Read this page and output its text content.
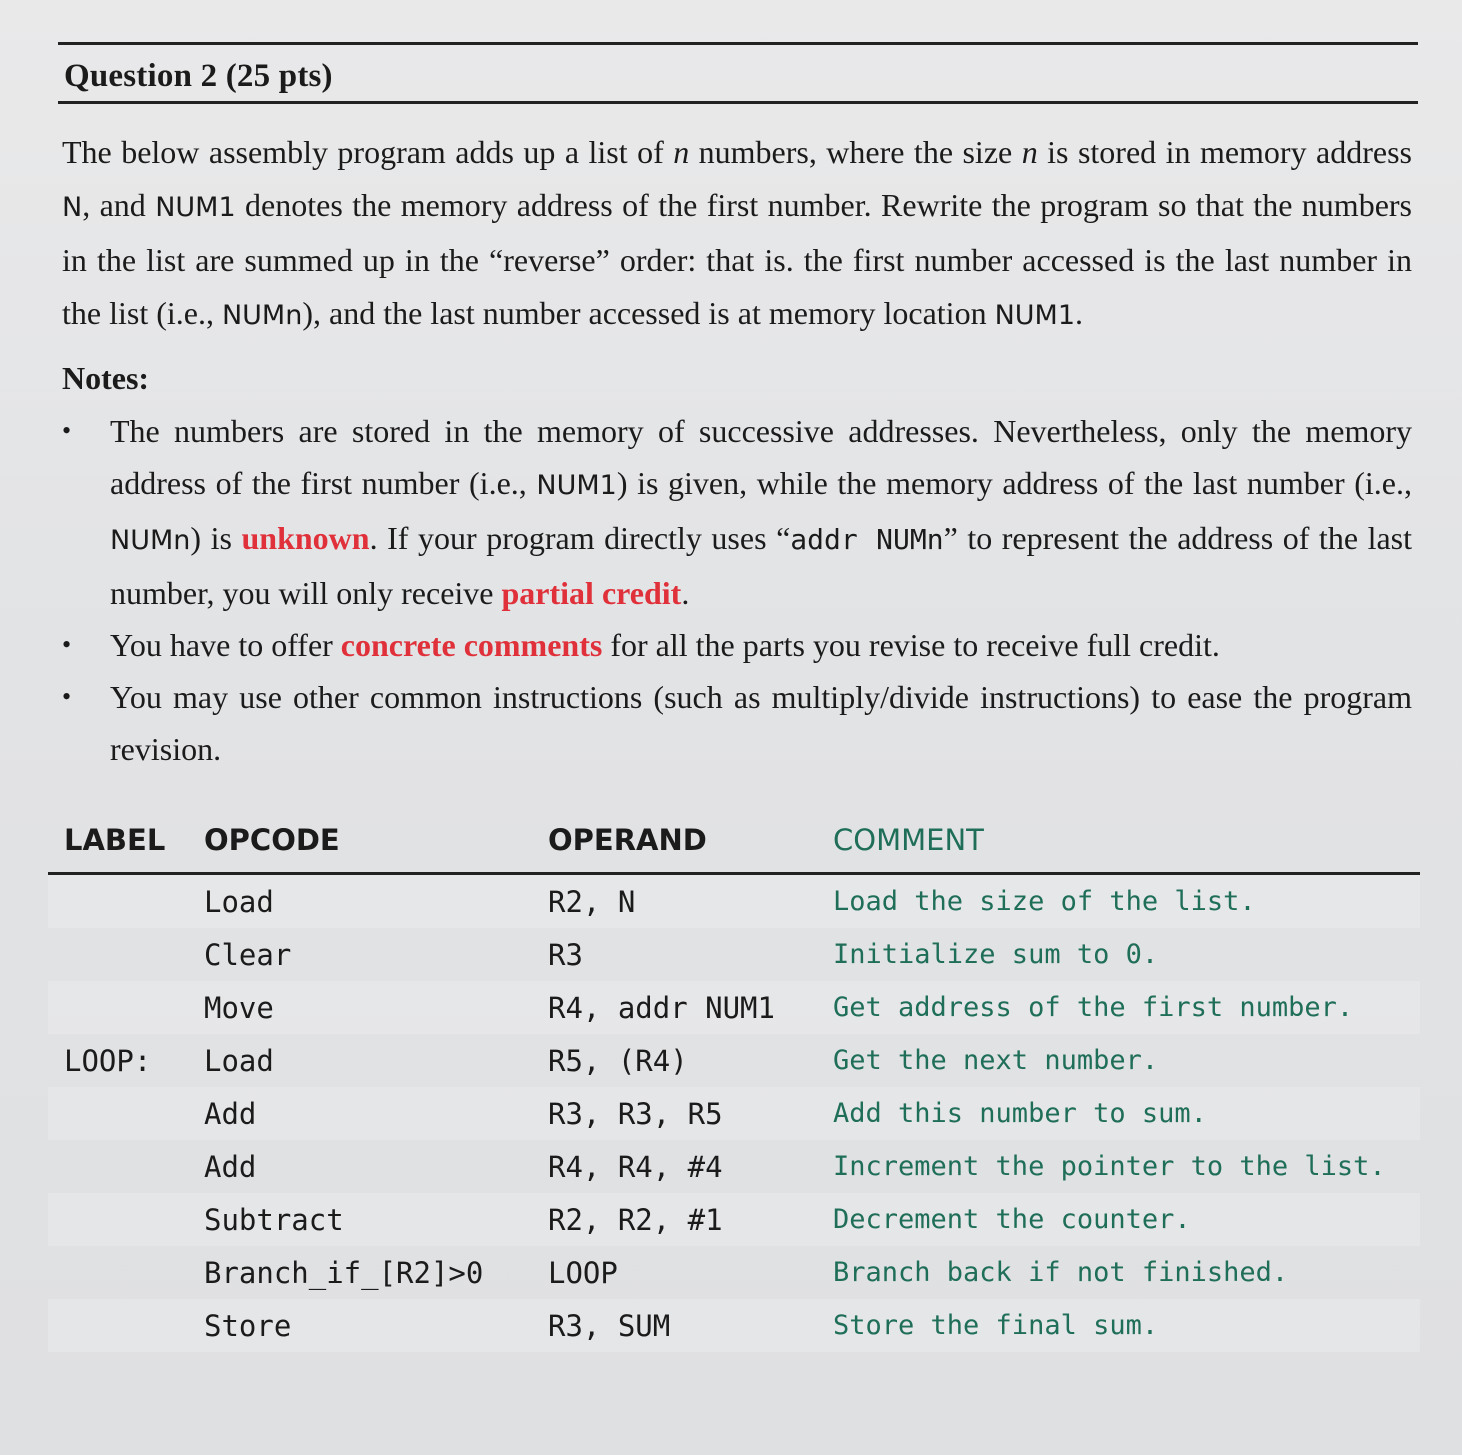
Question 2 (25 pts)
The below assembly program adds up a list of n numbers, where the size n is stored in memory address N, and NUM1 denotes the memory address of the first number. Rewrite the program so that the numbers in the list are summed up in the “reverse” order: that is. the first number accessed is the last number in the list (i.e., NUMn), and the last number accessed is at memory location NUM1.
Notes:
• The numbers are stored in the memory of successive addresses. Nevertheless, only the memory address of the first number (i.e., NUM1) is given, while the memory address of the last number (i.e., NUMn) is unknown. If your program directly uses “addr NUMn” to represent the address of the last number, you will only receive partial credit.
• You have to offer concrete comments for all the parts you revise to receive full credit.
• You may use other common instructions (such as multiply/divide instructions) to ease the program revision.
LABEL	OPCODE	OPERAND	COMMENT
	Load	R2, N	Load the size of the list.
	Clear	R3	Initialize sum to 0.
	Move	R4, addr NUM1	Get address of the first number.
LOOP:	Load	R5, (R4)	Get the next number.
	Add	R3, R3, R5	Add this number to sum.
	Add	R4, R4, #4	Increment the pointer to the list.
	Subtract	R2, R2, #1	Decrement the counter.
	Branch_if_[R2]>0	LOOP	Branch back if not finished.
	Store	R3, SUM	Store the final sum.
